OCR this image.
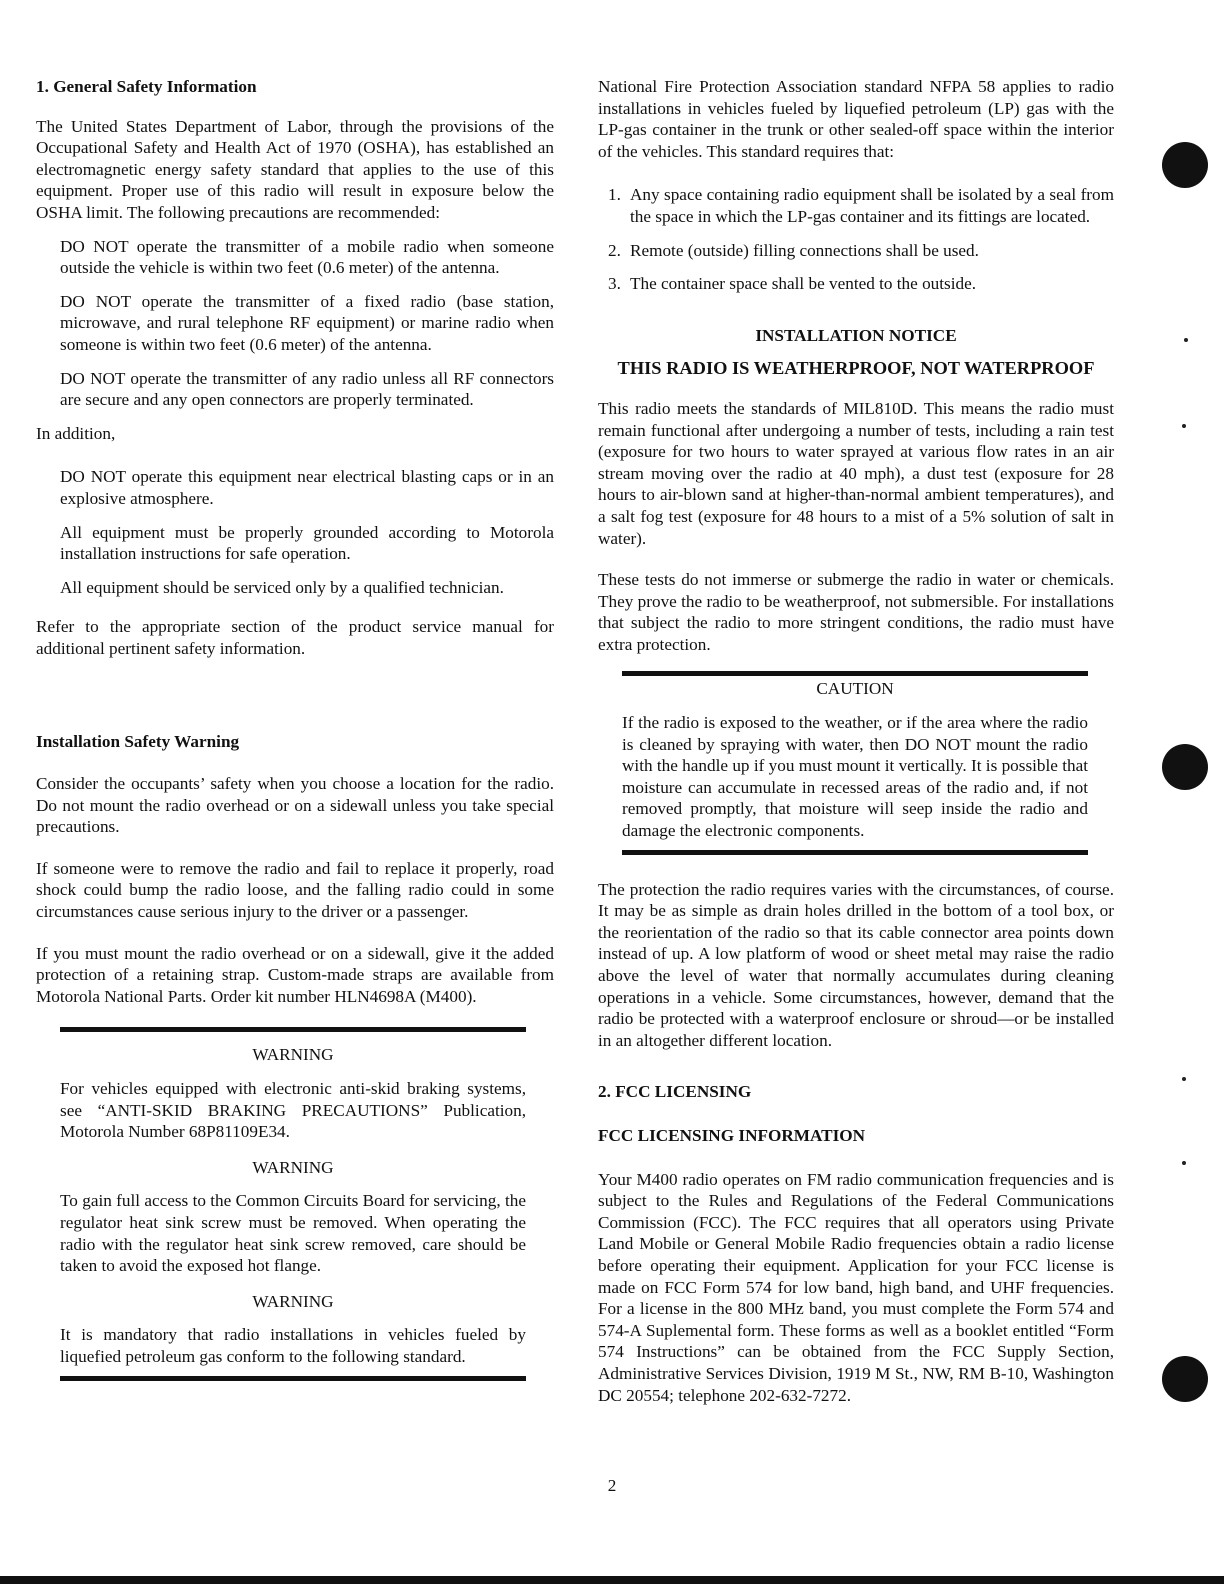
1. General Safety Information

The United States Department of Labor, through the provisions of the Occupational Safety and Health Act of 1970 (OSHA), has established an electromagnetic energy safety standard that applies to the use of this equipment. Proper use of this radio will result in exposure below the OSHA limit. The following precautions are recommended:

DO NOT operate the transmitter of a mobile radio when someone outside the vehicle is within two feet (0.6 meter) of the antenna.

DO NOT operate the transmitter of a fixed radio (base station, microwave, and rural telephone RF equipment) or marine radio when someone is within two feet (0.6 meter) of the antenna.

DO NOT operate the transmitter of any radio unless all RF connectors are secure and any open connectors are properly terminated.

In addition,

DO NOT operate this equipment near electrical blasting caps or in an explosive atmosphere.

All equipment must be properly grounded according to Motorola installation instructions for safe operation.

All equipment should be serviced only by a qualified technician.

Refer to the appropriate section of the product service manual for additional pertinent safety information.

Installation Safety Warning

Consider the occupants’ safety when you choose a location for the radio. Do not mount the radio overhead or on a sidewall unless you take special precautions.

If someone were to remove the radio and fail to replace it properly, road shock could bump the radio loose, and the falling radio could in some circumstances cause serious injury to the driver or a passenger.

If you must mount the radio overhead or on a sidewall, give it the added protection of a retaining strap. Custom-made straps are available from Motorola National Parts. Order kit number HLN4698A (M400).

WARNING

For vehicles equipped with electronic anti-skid braking systems, see “ANTI-SKID BRAKING PRECAUTIONS” Publication, Motorola Number 68P81109E34.

WARNING

To gain full access to the Common Circuits Board for servicing, the regulator heat sink screw must be removed. When operating the radio with the regulator heat sink screw removed, care should be taken to avoid the exposed hot flange.

WARNING

It is mandatory that radio installations in vehicles fueled by liquefied petroleum gas conform to the following standard.

National Fire Protection Association standard NFPA 58 applies to radio installations in vehicles fueled by liquefied petroleum (LP) gas with the LP-gas container in the trunk or other sealed-off space within the interior of the vehicles. This standard requires that:

1. Any space containing radio equipment shall be isolated by a seal from the space in which the LP-gas container and its fittings are located.
2. Remote (outside) filling connections shall be used.
3. The container space shall be vented to the outside.

INSTALLATION NOTICE

THIS RADIO IS WEATHERPROOF, NOT WATERPROOF

This radio meets the standards of MIL810D. This means the radio must remain functional after undergoing a number of tests, including a rain test (exposure for two hours to water sprayed at various flow rates in an air stream moving over the radio at 40 mph), a dust test (exposure for 28 hours to air-blown sand at higher-than-normal ambient temperatures), and a salt fog test (exposure for 48 hours to a mist of a 5% solution of salt in water).

These tests do not immerse or submerge the radio in water or chemicals. They prove the radio to be weatherproof, not submersible. For installations that subject the radio to more stringent conditions, the radio must have extra protection.

CAUTION

If the radio is exposed to the weather, or if the area where the radio is cleaned by spraying with water, then DO NOT mount the radio with the handle up if you must mount it vertically. It is possible that moisture can accumulate in recessed areas of the radio and, if not removed promptly, that moisture will seep inside the radio and damage the electronic components.

The protection the radio requires varies with the circumstances, of course. It may be as simple as drain holes drilled in the bottom of a tool box, or the reorientation of the radio so that its cable connector area points down instead of up. A low platform of wood or sheet metal may raise the radio above the level of water that normally accumulates during cleaning operations in a vehicle. Some circumstances, however, demand that the radio be protected with a waterproof enclosure or shroud—or be installed in an altogether different location.

2. FCC LICENSING
FCC LICENSING INFORMATION

Your M400 radio operates on FM radio communication frequencies and is subject to the Rules and Regulations of the Federal Communications Commission (FCC). The FCC requires that all operators using Private Land Mobile or General Mobile Radio frequencies obtain a radio license before operating their equipment. Application for your FCC license is made on FCC Form 574 for low band, high band, and UHF frequencies. For a license in the 800 MHz band, you must complete the Form 574 and 574-A Suplemental form. These forms as well as a booklet entitled “Form 574 Instructions” can be obtained from the FCC Supply Section, Administrative Services Division, 1919 M St., NW, RM B-10, Washington DC 20554; telephone 202-632-7272.

2
